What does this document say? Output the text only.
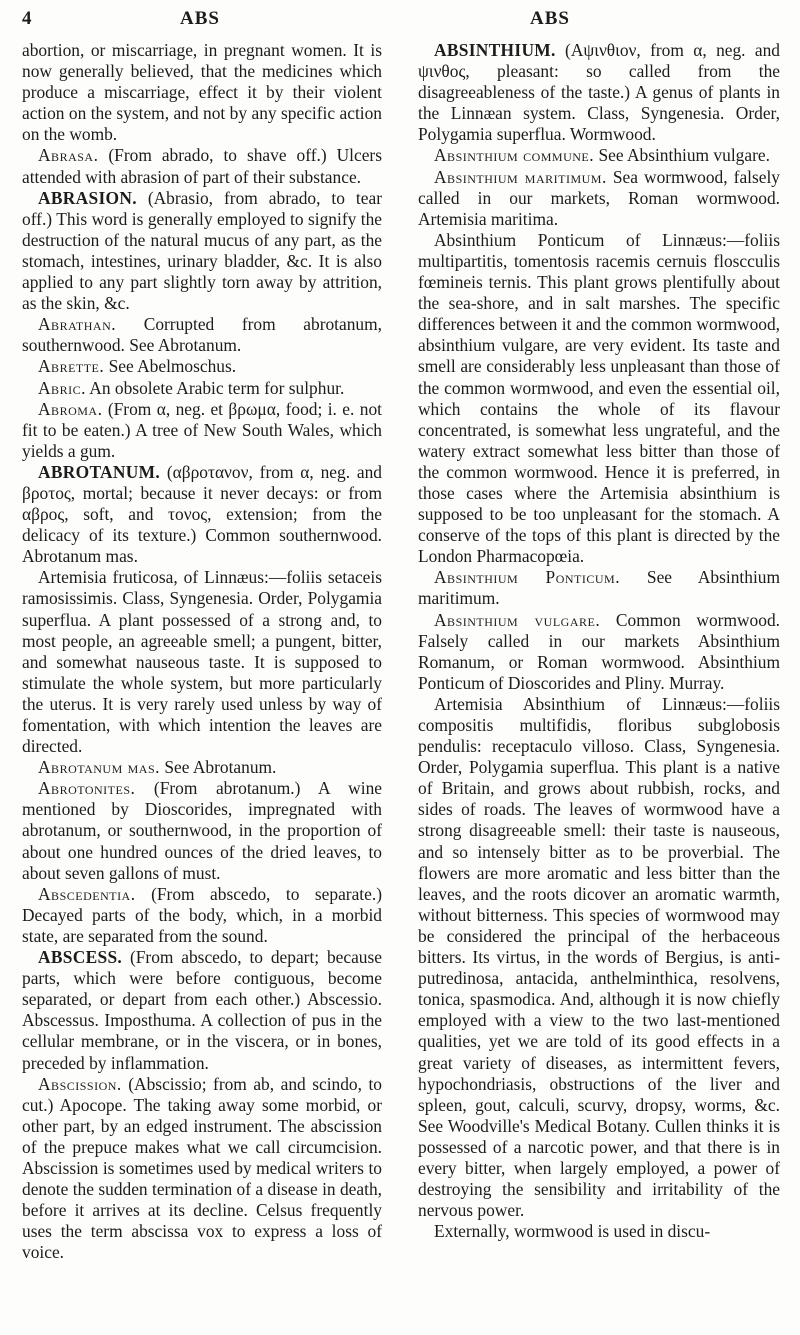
4	ABS	ABS

abortion, or miscarriage, in pregnant women. It is now generally believed, that the medicines which produce a miscarriage, effect it by their violent action on the system, and not by any specific action on the womb.

Abrasa. (From abrado, to shave off.) Ulcers attended with abrasion of part of their substance.

ABRASION. (Abrasio, from abrado, to tear off.) This word is generally employed to signify the destruction of the natural mucus of any part, as the stomach, intestines, urinary bladder, &c. It is also applied to any part slightly torn away by attrition, as the skin, &c.

Abrathan. Corrupted from abrotanum, southernwood. See Abrotanum.

Abrette. See Abelmoschus.

Abric. An obsolete Arabic term for sulphur.

Abroma. (From α, neg. et βρωμα, food; i. e. not fit to be eaten.) A tree of New South Wales, which yields a gum.

ABROTANUM. (αβροτανον, from α, neg. and βροτος, mortal; because it never decays: or from αβρος, soft, and τονος, extension; from the delicacy of its texture.) Common southernwood. Abrotanum mas.

Artemisia fruticosa, of Linnæus:—foliis setaceis ramosissimis. Class, Syngenesia. Order, Polygamia superflua. A plant possessed of a strong and, to most people, an agreeable smell; a pungent, bitter, and somewhat nauseous taste. It is supposed to stimulate the whole system, but more particularly the uterus. It is very rarely used unless by way of fomentation, with which intention the leaves are directed.

Abrotanum mas. See Abrotanum.

Abrotonites. (From abrotanum.) A wine mentioned by Dioscorides, impregnated with abrotanum, or southernwood, in the proportion of about one hundred ounces of the dried leaves, to about seven gallons of must.

Abscedentia. (From abscedo, to separate.) Decayed parts of the body, which, in a morbid state, are separated from the sound.

ABSCESS. (From abscedo, to depart; because parts, which were before contiguous, become separated, or depart from each other.) Abscessio. Abscessus. Imposthuma. A collection of pus in the cellular membrane, or in the viscera, or in bones, preceded by inflammation.

Abscission. (Abscissio; from ab, and scindo, to cut.) Apocope. The taking away some morbid, or other part, by an edged instrument. The abscission of the prepuce makes what we call circumcision. Abscission is sometimes used by medical writers to denote the sudden termination of a disease in death, before it arrives at its decline. Celsus frequently uses the term abscissa vox to express a loss of voice.

ABSINTHIUM. (Αψινθιον, from α, neg. and ψινθος, pleasant: so called from the disagreeableness of the taste.) A genus of plants in the Linnæan system. Class, Syngenesia. Order, Polygamia superflua. Wormwood.

Absinthium commune. See Absinthium vulgare.

Absinthium maritimum. Sea wormwood, falsely called in our markets, Roman wormwood. Artemisia maritima.

Absinthium Ponticum of Linnæus:—foliis multipartitis, tomentosis racemis cernuis floscculis fœmineis ternis. This plant grows plentifully about the sea-shore, and in salt marshes. The specific differences between it and the common wormwood, absinthium vulgare, are very evident. Its taste and smell are considerably less unpleasant than those of the common wormwood, and even the essential oil, which contains the whole of its flavour concentrated, is somewhat less ungrateful, and the watery extract somewhat less bitter than those of the common wormwood. Hence it is preferred, in those cases where the Artemisia absinthium is supposed to be too unpleasant for the stomach. A conserve of the tops of this plant is directed by the London Pharmacopœia.

Absinthium Ponticum. See Absinthium maritimum.

Absinthium vulgare. Common wormwood. Falsely called in our markets Absinthium Romanum, or Roman wormwood. Absinthium Ponticum of Dioscorides and Pliny. Murray.

Artemisia Absinthium of Linnæus:—foliis compositis multifidis, floribus subglobosis pendulis: receptaculo villoso. Class, Syngenesia. Order, Polygamia superflua. This plant is a native of Britain, and grows about rubbish, rocks, and sides of roads. The leaves of wormwood have a strong disagreeable smell: their taste is nauseous, and so intensely bitter as to be proverbial. The flowers are more aromatic and less bitter than the leaves, and the roots dicover an aromatic warmth, without bitterness. This species of wormwood may be considered the principal of the herbaceous bitters. Its virtus, in the words of Bergius, is anti-putredinosa, antacida, anthelminthica, resolvens, tonica, spasmodica. And, although it is now chiefly employed with a view to the two last-mentioned qualities, yet we are told of its good effects in a great variety of diseases, as intermittent fevers, hypochondriasis, obstructions of the liver and spleen, gout, calculi, scurvy, dropsy, worms, &c. See Woodville's Medical Botany. Cullen thinks it is possessed of a narcotic power, and that there is in every bitter, when largely employed, a power of destroying the sensibility and irritability of the nervous power.

Externally, wormwood is used in discu-
